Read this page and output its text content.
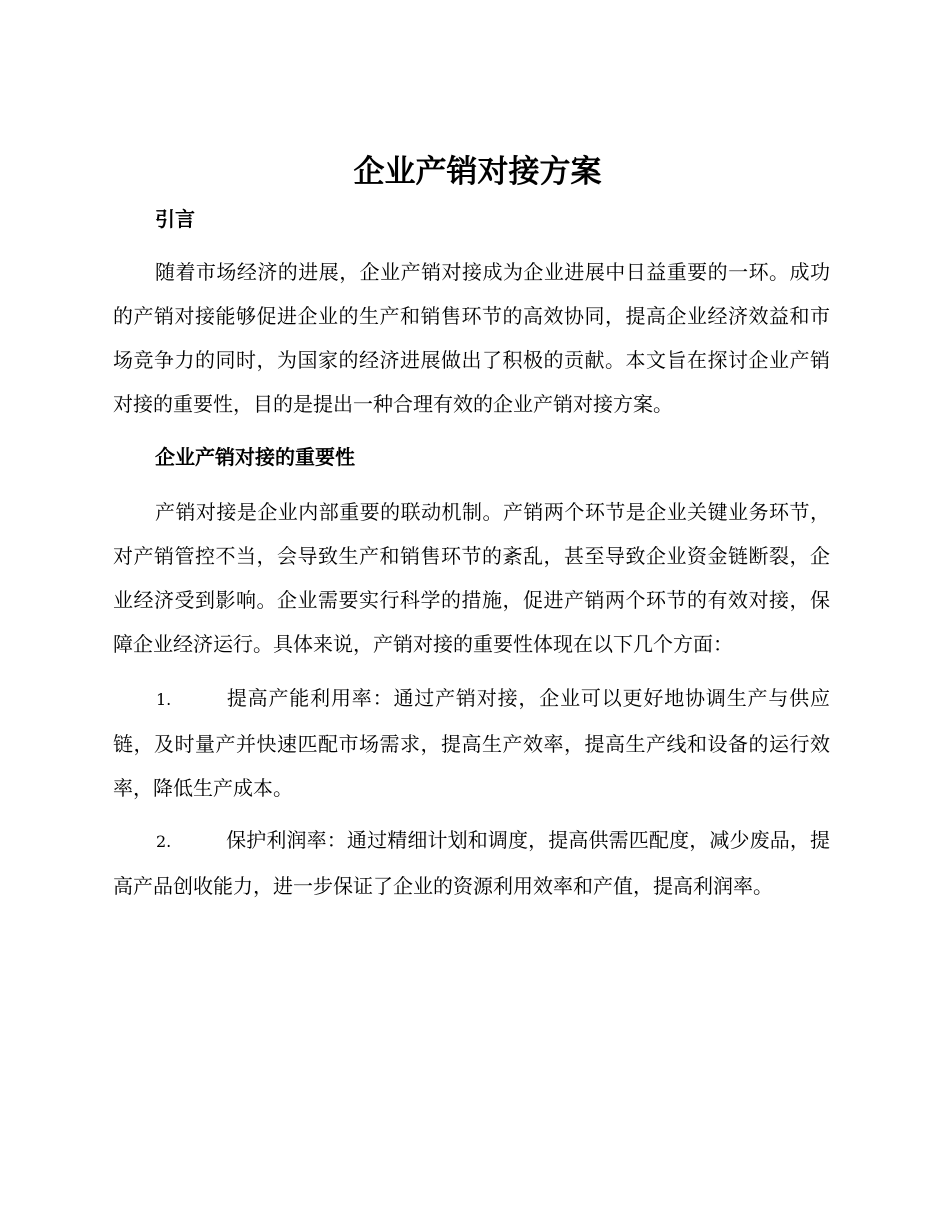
企业产销对接方案
引言

随着市场经济的进展，企业产销对接成为企业进展中日益重要的一环。成功的产销对接能够促进企业的生产和销售环节的高效协同，提高企业经济效益和市场竞争力的同时，为国家的经济进展做出了积极的贡献。本文旨在探讨企业产销对接的重要性，目的是提出一种合理有效的企业产销对接方案。

企业产销对接的重要性

产销对接是企业内部重要的联动机制。产销两个环节是企业关键业务环节，对产销管控不当，会导致生产和销售环节的紊乱，甚至导致企业资金链断裂，企业经济受到影响。企业需要实行科学的措施，促进产销两个环节的有效对接，保障企业经济运行。具体来说，产销对接的重要性体现在以下几个方面：

1.	提高产能利用率：通过产销对接，企业可以更好地协调生产与供应链，及时量产并快速匹配市场需求，提高生产效率，提高生产线和设备的运行效率，降低生产成本。

2.	保护利润率：通过精细计划和调度，提高供需匹配度，减少废品，提高产品创收能力，进一步保证了企业的资源利用效率和产值，提高利润率。
